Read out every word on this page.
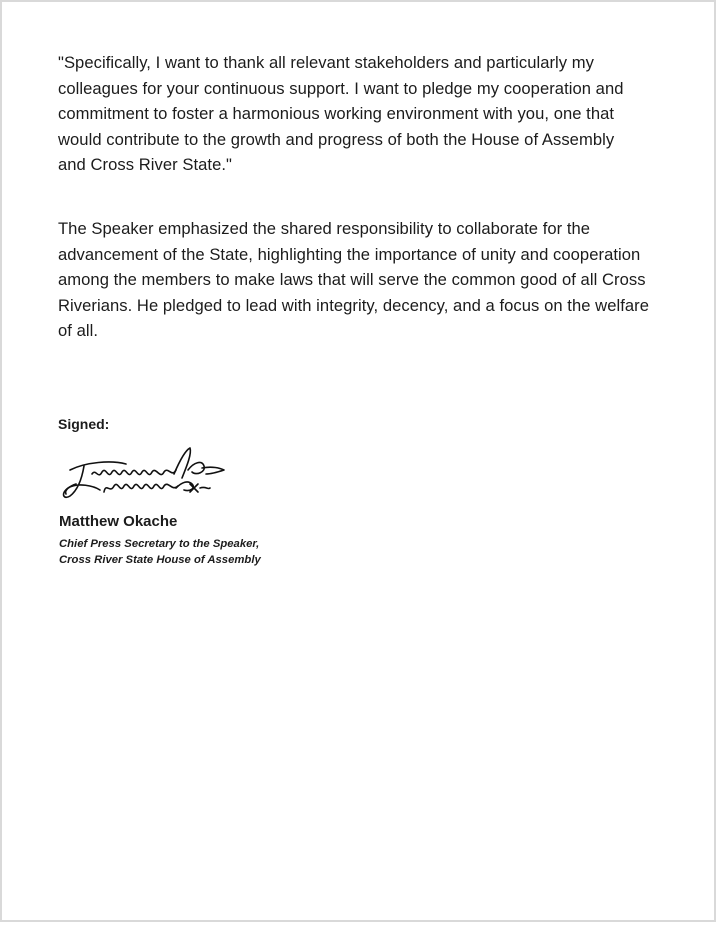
"Specifically, I want to thank all relevant stakeholders and particularly my
colleagues for your continuous support. I want to pledge my cooperation and
commitment to foster a harmonious working environment with you, one that
would contribute to the growth and progress of both the House of Assembly
and Cross River State."

The Speaker emphasized the shared responsibility to collaborate for the
advancement of the State, highlighting the importance of unity and cooperation
among the members to make laws that will serve the common good of all Cross
Riverians. He pledged to lead with integrity, decency, and a focus on the welfare
of all.

Signed:
Matthew Okache
Chief Press Secretary to the Speaker,
Cross River State House of Assembly
